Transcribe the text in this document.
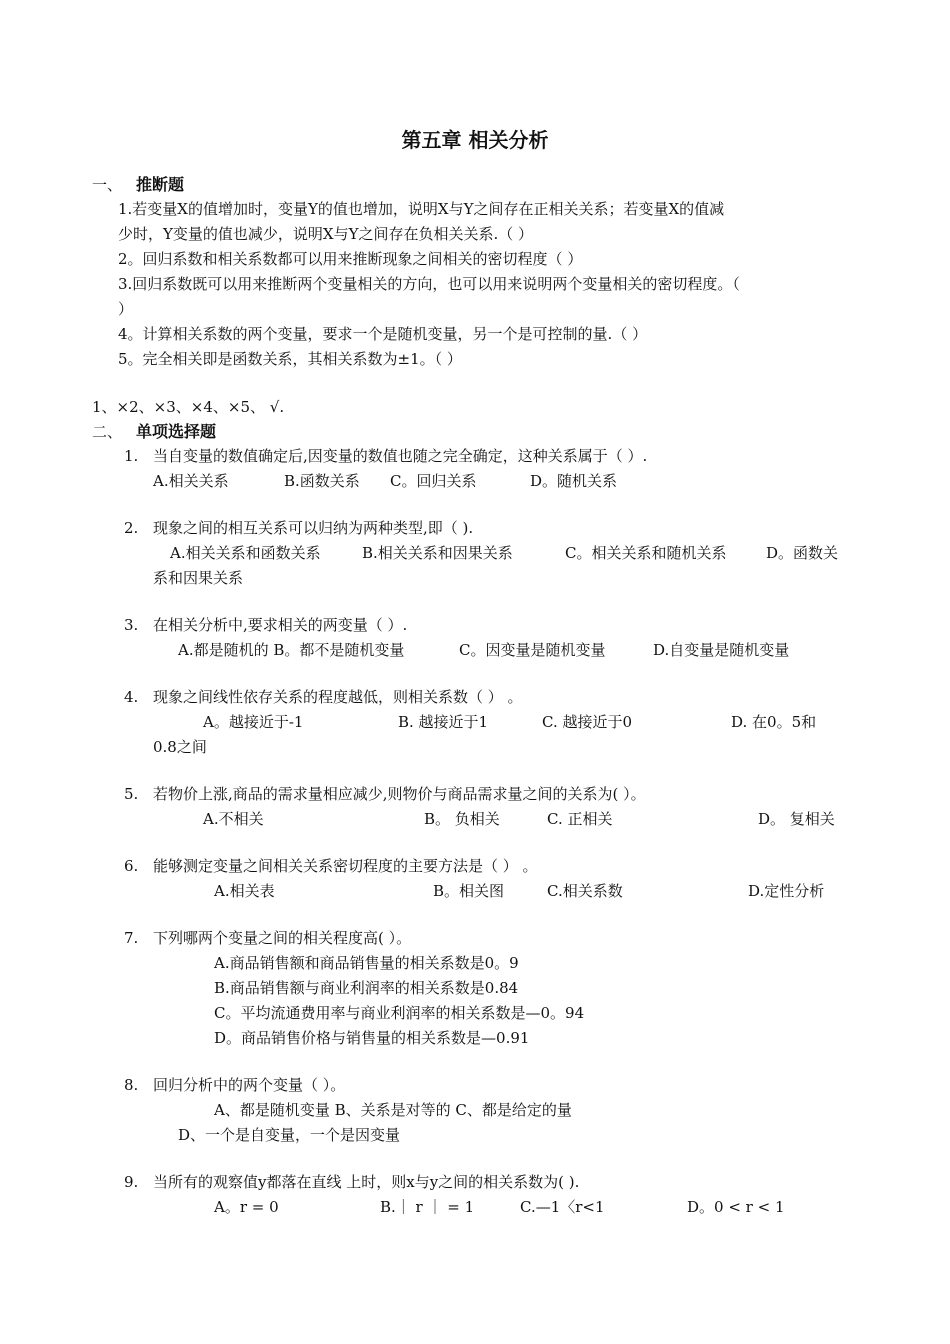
第五章 相关分析
一、 推断题
1.若变量X的值增加时，变量Y的值也增加，说明X与Y之间存在正相关关系；若变量X的值减
少时，Y变量的值也减少，说明X与Y之间存在负相关关系.（ ）
2。回归系数和相关系数都可以用来推断现象之间相关的密切程度（ ）
3.回归系数既可以用来推断两个变量相关的方向，也可以用来说明两个变量相关的密切程度。（
）
4。计算相关系数的两个变量，要求一个是随机变量，另一个是可控制的量.（ ）
5。完全相关即是函数关系，其相关系数为±1。（ ）
1、×2、×3、×4、×5、 √.
二、 单项选择题
1. 当自变量的数值确定后,因变量的数值也随之完全确定，这种关系属于（ ）.
A.相关关系	B.函数关系 C。回归关系	D。随机关系
2. 现象之间的相互关系可以归纳为两种类型,即（ ).
A.相关关系和函数关系	B.相关关系和因果关系	C。相关关系和随机关系	D。函数关
系和因果关系
3. 在相关分析中,要求相关的两变量（ ）.
A.都是随机的 B。都不是随机变量	C。因变量是随机变量	D.自变量是随机变量
4. 现象之间线性依存关系的程度越低，则相关系数（ ） 。
A。越接近于-1	B. 越接近于1	C. 越接近于0	D. 在0。5和
0.8之间
5. 若物价上涨,商品的需求量相应减少,则物价与商品需求量之间的关系为( ）。
A.不相关	B。 负相关	C. 正相关	D。 复相关
6. 能够测定变量之间相关关系密切程度的主要方法是（ ） 。
A.相关表	B。相关图	C.相关系数	D.定性分析
7. 下列哪两个变量之间的相关程度高( ）。
A.商品销售额和商品销售量的相关系数是0。9
B.商品销售额与商业利润率的相关系数是0.84
C。平均流通费用率与商业利润率的相关系数是—0。94
D。商品销售价格与销售量的相关系数是—0.91
8. 回归分析中的两个变量（ ）。
A、都是随机变量 B、关系是对等的 C、都是给定的量
D、一个是自变量，一个是因变量
9. 当所有的观察值y都落在直线 上时，则x与y之间的相关系数为( ).
A。r = 0	B.｜ r ｜ = 1	C.—1〈r<1	D。0 < r < 1
